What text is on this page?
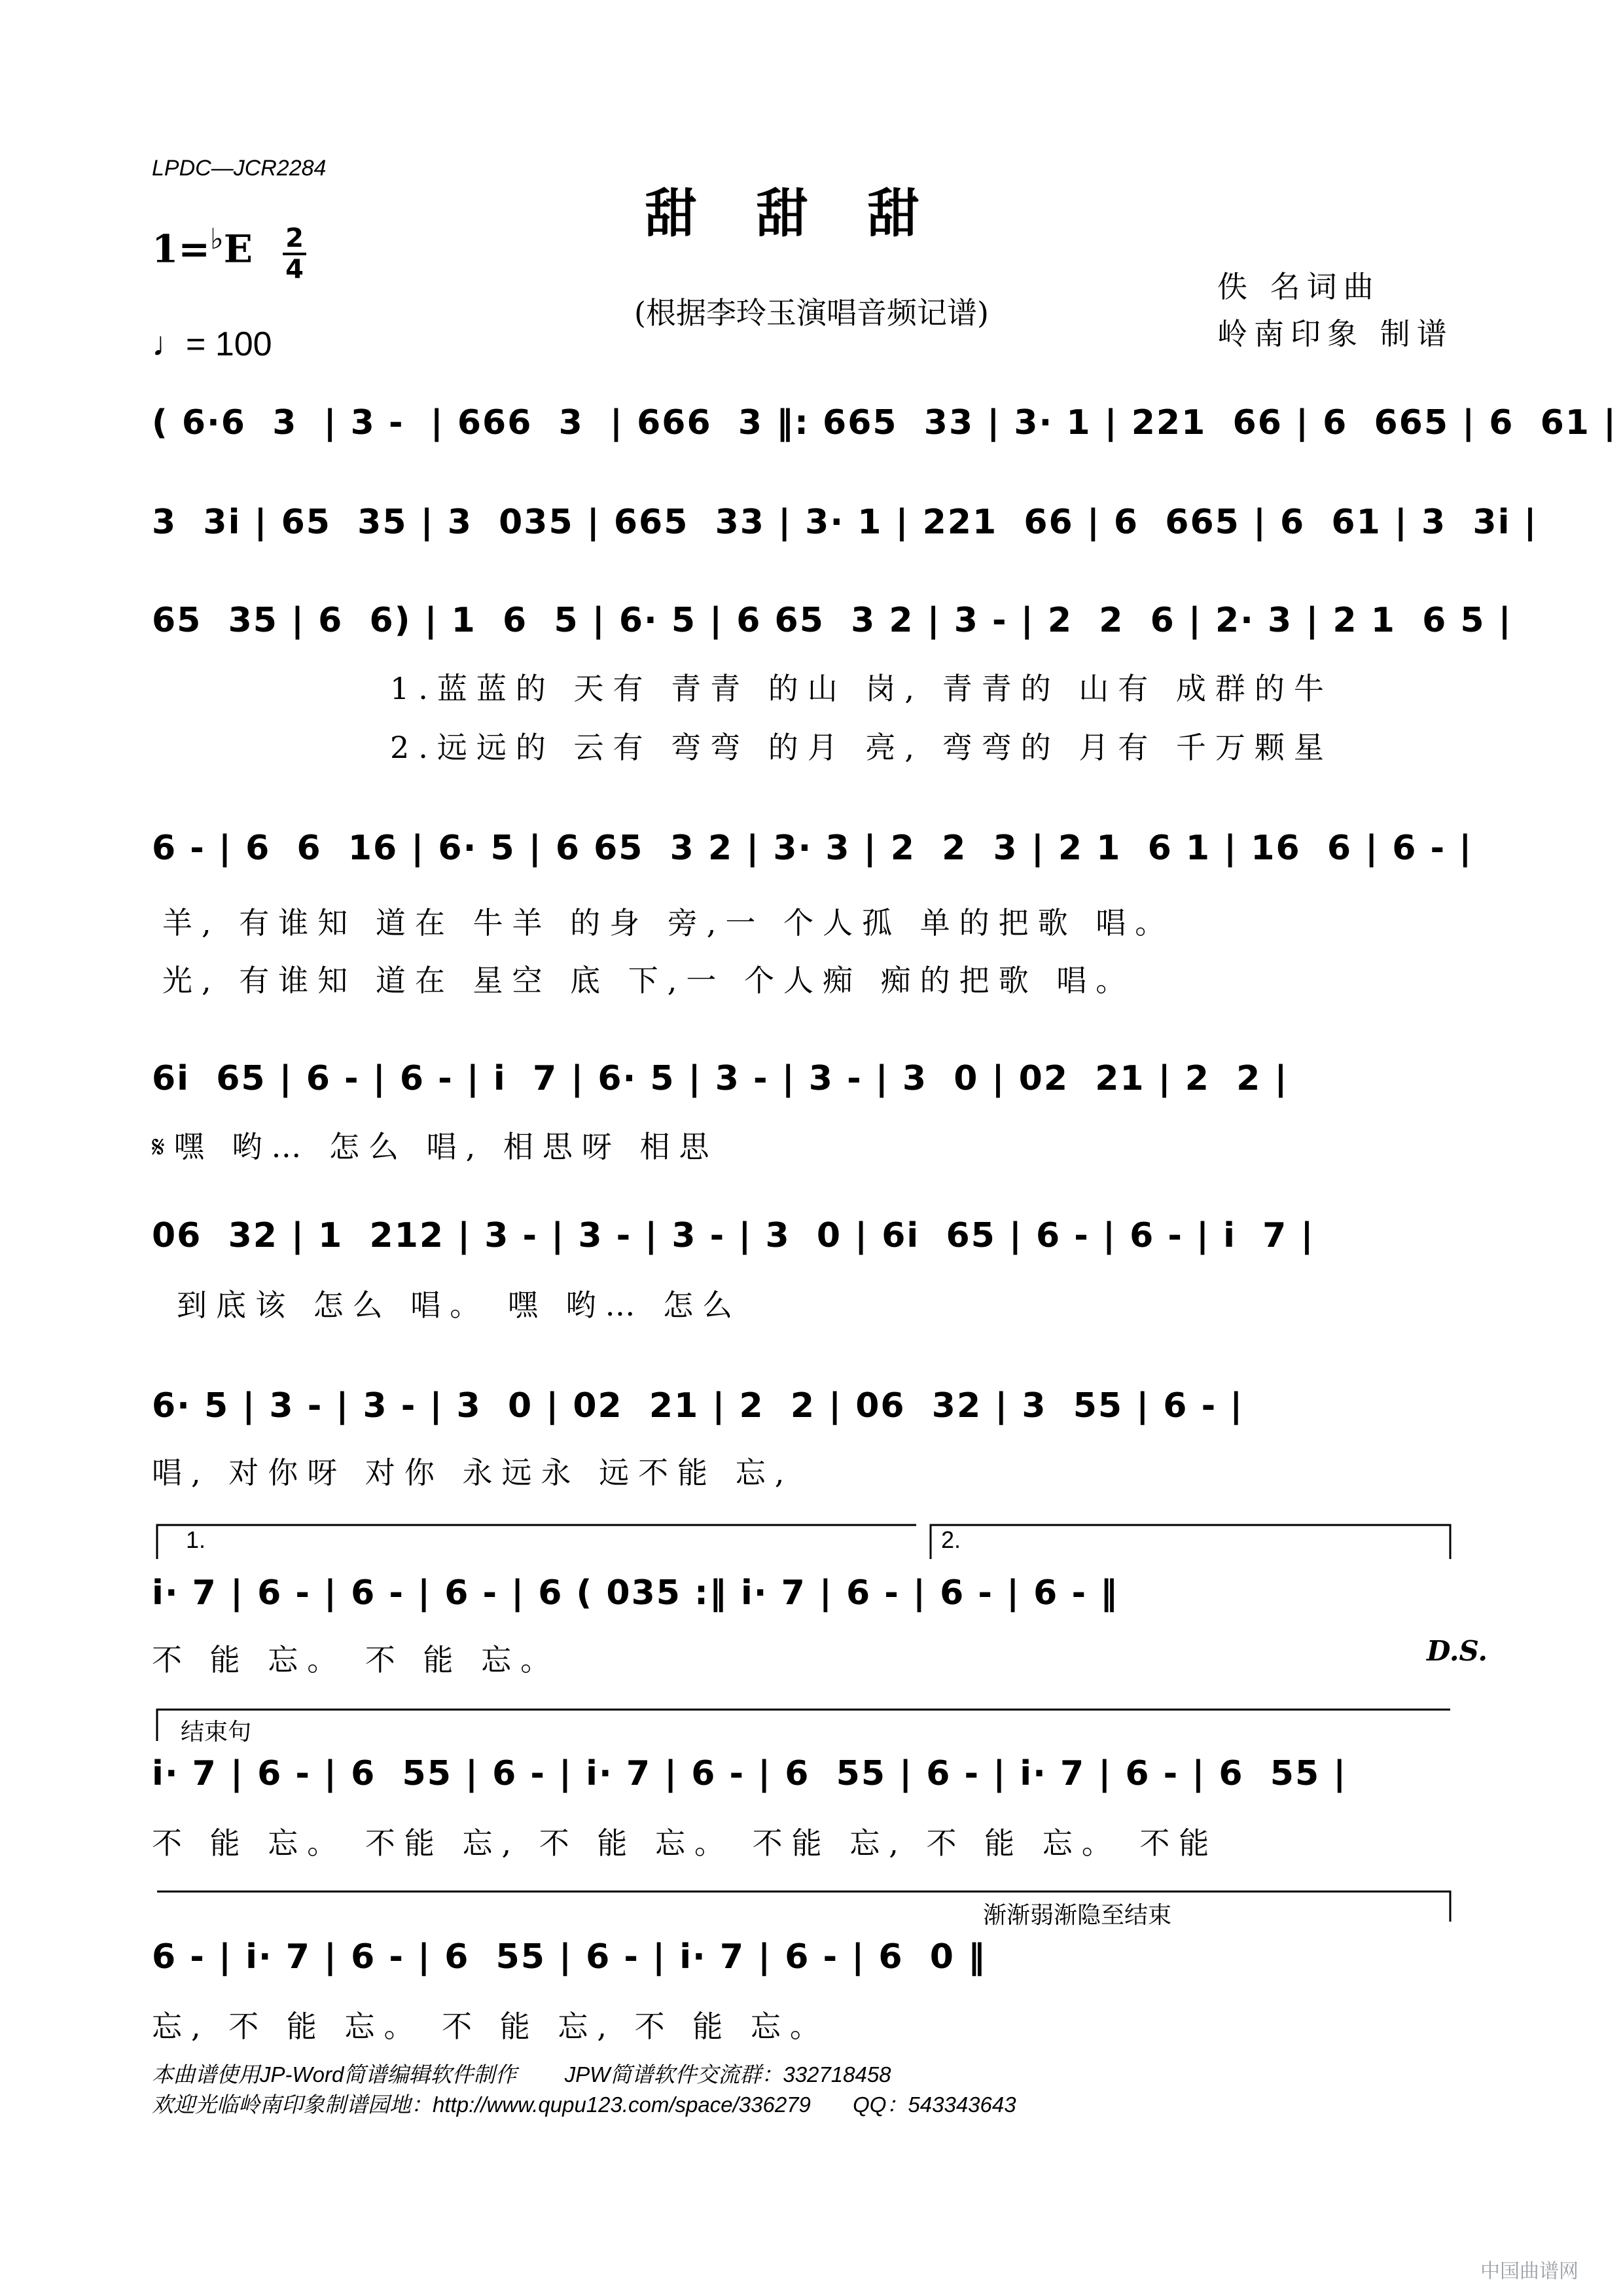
LPDC—JCR2284
甜甜甜
1=♭E 2
4
(根据李玲玉演唱音频记谱)
佚 名词曲
岭南印象 制谱
♩= 100
( 6·6  3  | 3 -  | 666  3  | 666  3 ‖: 665  33 | 3· 1 | 221  66 | 6  665 | 6  61 |
3  3i | 65  35 | 3  035 | 665  33 | 3· 1 | 221  66 | 6  665 | 6  61 | 3  3i |
65  35 | 6  6) | 1  6  5 | 6· 5 | 6 65  3 2 | 3 - | 2  2  6 | 2· 3 | 2 1  6 5 |
1.蓝蓝的 天有 青青 的山 岗, 青青的 山有 成群的牛
2.远远的 云有 弯弯 的月 亮, 弯弯的 月有 千万颗星
6 - | 6  6  16 | 6· 5 | 6 65  3 2 | 3· 3 | 2  2  3 | 2 1  6 1 | 16  6 | 6 - |
羊, 有谁知 道在 牛羊 的身 旁,一 个人孤 单的把歌 唱。
光, 有谁知 道在 星空 底 下,一 个人痴 痴的把歌 唱。
6i  65 | 6 - | 6 - | i  7 | 6· 5 | 3 - | 3 - | 3  0 | 02  21 | 2  2 |
𝄋嘿 哟… 怎么 唱, 相思呀 相思
06  32 | 1  212 | 3 - | 3 - | 3 - | 3  0 | 6i  65 | 6 - | 6 - | i  7 |
到底该 怎么 唱。 嘿 哟… 怎么
6· 5 | 3 - | 3 - | 3  0 | 02  21 | 2  2 | 06  32 | 3  55 | 6 - |
唱, 对你呀 对你 永远永 远不能 忘,
1.	2.
i· 7 | 6 - | 6 - | 6 - | 6 ( 035 :‖ i· 7 | 6 - | 6 - | 6 - ‖
不 能 忘。 不 能 忘。	D.S.
结束句
i· 7 | 6 - | 6  55 | 6 - | i· 7 | 6 - | 6  55 | 6 - | i· 7 | 6 - | 6  55 |
不 能 忘。 不能 忘, 不 能 忘。 不能 忘, 不 能 忘。 不能
渐渐弱渐隐至结束
6 - | i· 7 | 6 - | 6  55 | 6 - | i· 7 | 6 - | 6  0 ‖
忘, 不 能 忘。 不 能 忘, 不 能 忘。
本曲谱使用JP-Word简谱编辑软件制作        JPW简谱软件交流群：332718458
欢迎光临岭南印象制谱园地：http://www.qupu123.com/space/336279       QQ：543343643
中国曲谱网
